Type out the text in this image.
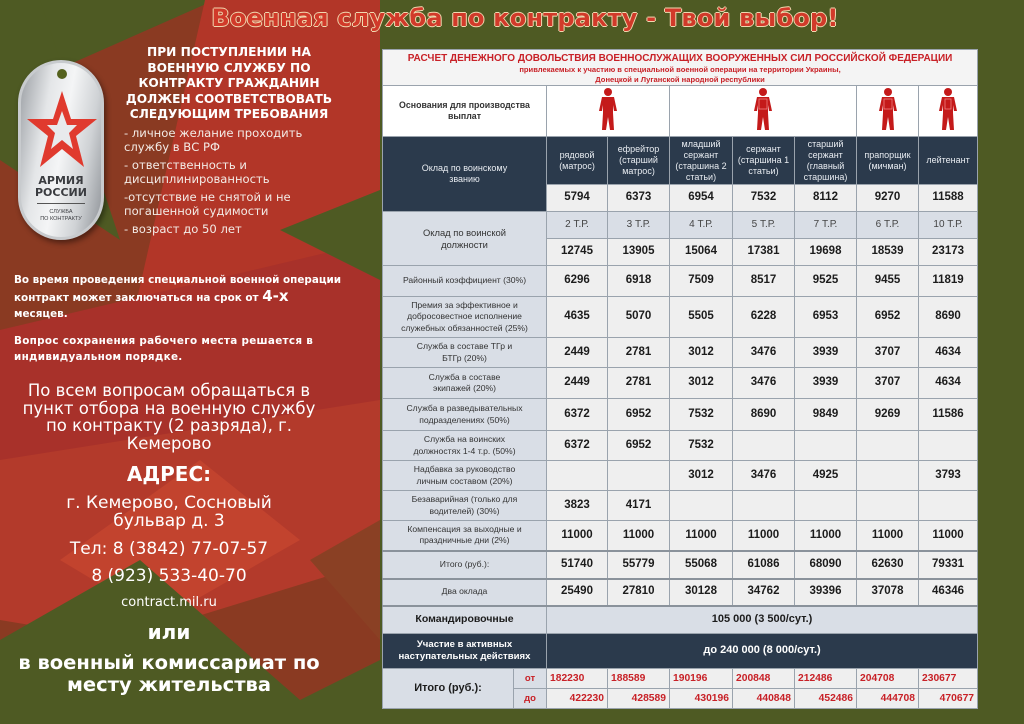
Военная служба по контракту - Твой выбор!
АРМИЯ
РОССИИ
СЛУЖБА
ПО КОНТРАКТУ
ПРИ ПОСТУПЛЕНИИ НА ВОЕННУЮ СЛУЖБУ ПО КОНТРАКТУ ГРАЖДАНИН ДОЛЖЕН СООТВЕТСТВОВАТЬ СЛЕДУЮЩИМ ТРЕБОВАНИЯ
- личное желание проходить службу в ВС РФ
- ответственность и дисциплинированность
-отсутствие не снятой и не погашенной судимости
- возраст до 50 лет
Во время проведения специальной военной операции контракт может заключаться на срок от 4-х месяцев.
Вопрос сохранения рабочего места решается в индивидуальном порядке.
По всем вопросам обращаться в пункт отбора на военную службу по контракту (2 разряда), г. Кемерово
АДРЕС:
г. Кемерово, Сосновый бульвар д. 3
Тел: 8 (3842) 77-07-57
8 (923) 533-40-70
contract.mil.ru
или
в военный комиссариат по месту жительства
РАСЧЕТ ДЕНЕЖНОГО ДОВОЛЬСТВИЯ ВОЕННОСЛУЖАЩИХ ВООРУЖЕННЫХ СИЛ РОССИЙСКОЙ ФЕДЕРАЦИИ
привлекаемых к участию в специальной военной операции на территории Украины,
Донецкой и Луганской народной республики								

Основания для производства выплат				
Оклад по воинскому званию		рядовой (матрос)	ефрейтор (старший матрос)	младший сержант (старшина 2 статьи)	сержант (старшина 1 статьи)	старший сержант (главный старшина)	прапорщик (мичман)	лейтенант
		5794	6373	6954	7532	8112	9270	11588
Оклад по воинской должности		2 Т.Р.	3 Т.Р.	4 Т.Р.	5 Т.Р.	7 Т.Р.	6 Т.Р.	10 Т.Р.
		12745	13905	15064	17381	19698	18539	23173
Районный коэффициент (30%)		6296	6918	7509	8517	9525	9455	11819
Премия за эффективное и добросовестное исполнение служебных обязанностей (25%)		4635	5070	5505	6228	6953	6952	8690
Служба в составе ТГр и БТГр (20%)		2449	2781	3012	3476	3939	3707	4634
Служба в составе экипажей (20%)		2449	2781	3012	3476	3939	3707	4634
Служба в разведывательных подразделениях (50%)		6372	6952	7532	8690	9849	9269	11586
Служба на воинских должностях 1-4 т.р. (50%)		6372	6952	7532				
Надбавка за руководство личным составом (20%)				3012	3476	4925		3793
Безаварийная (только для водителей) (30%)		3823	4171					
Компенсация за выходные и праздничные дни (2%)		11000	11000	11000	11000	11000	11000	11000
Итого (руб.):		51740	55779	55068	61086	68090	62630	79331
Два оклада		25490	27810	30128	34762	39396	37078	46346
Командировочные		105 000 (3 500/сут.)						
Участие в активных наступательных действиях		до 240 000 (8 000/сут.)						
Итого (руб.):	от	182230	188589	190196	200848	212486	204708	230677
	до	422230	428589	430196	440848	452486	444708	470677
